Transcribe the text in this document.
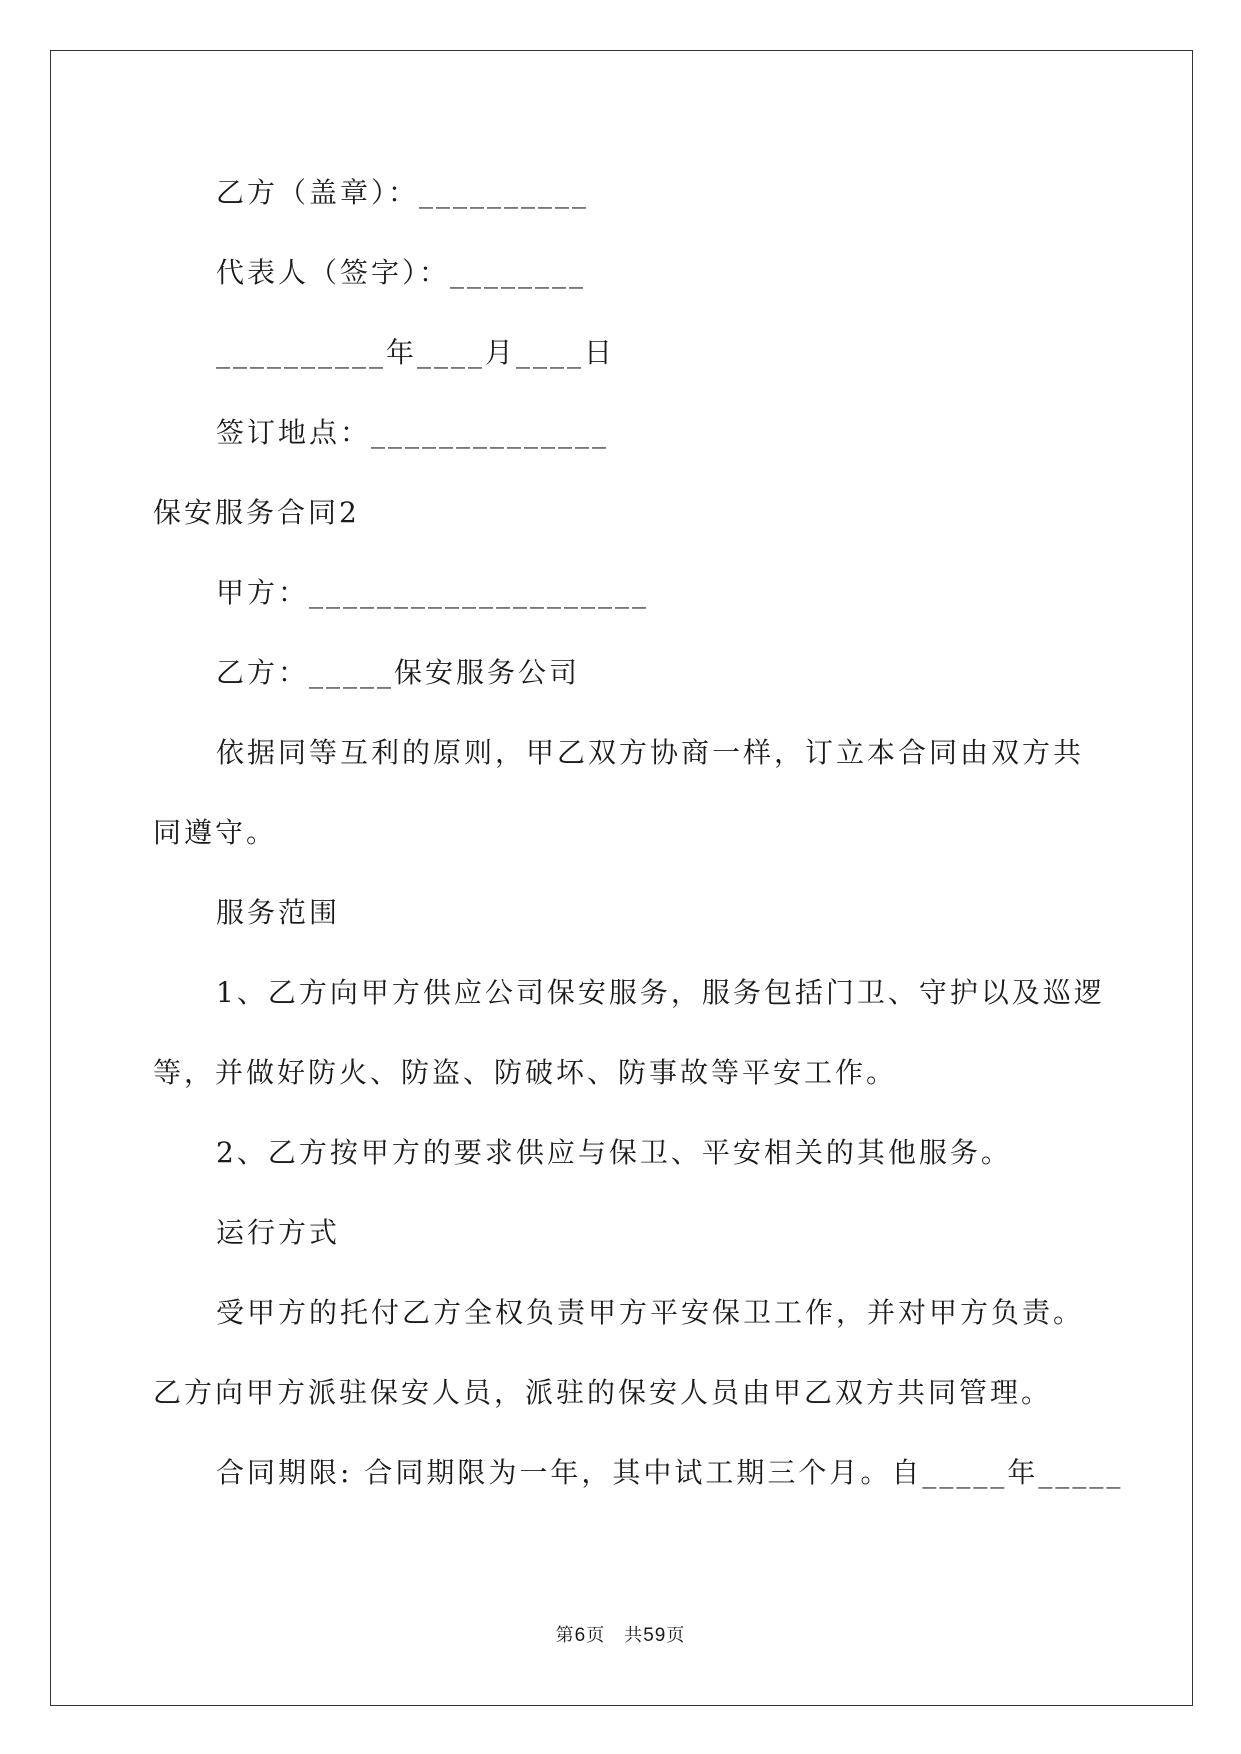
乙方（盖章）：__________
代表人（签字）：________
__________年____月____日
签订地点：______________
保安服务合同2
甲方：____________________
乙方：_____保安服务公司
依据同等互利的原则，甲乙双方协商一样，订立本合同由双方共
同遵守。
服务范围
1、乙方向甲方供应公司保安服务，服务包括门卫、守护以及巡逻
等，并做好防火、防盗、防破坏、防事故等平安工作。
2、乙方按甲方的要求供应与保卫、平安相关的其他服务。
运行方式
受甲方的托付乙方全权负责甲方平安保卫工作，并对甲方负责。
乙方向甲方派驻保安人员，派驻的保安人员由甲乙双方共同管理。
合同期限: 合同期限为一年，其中试工期三个月。自_____年_____
第6页　共59页
